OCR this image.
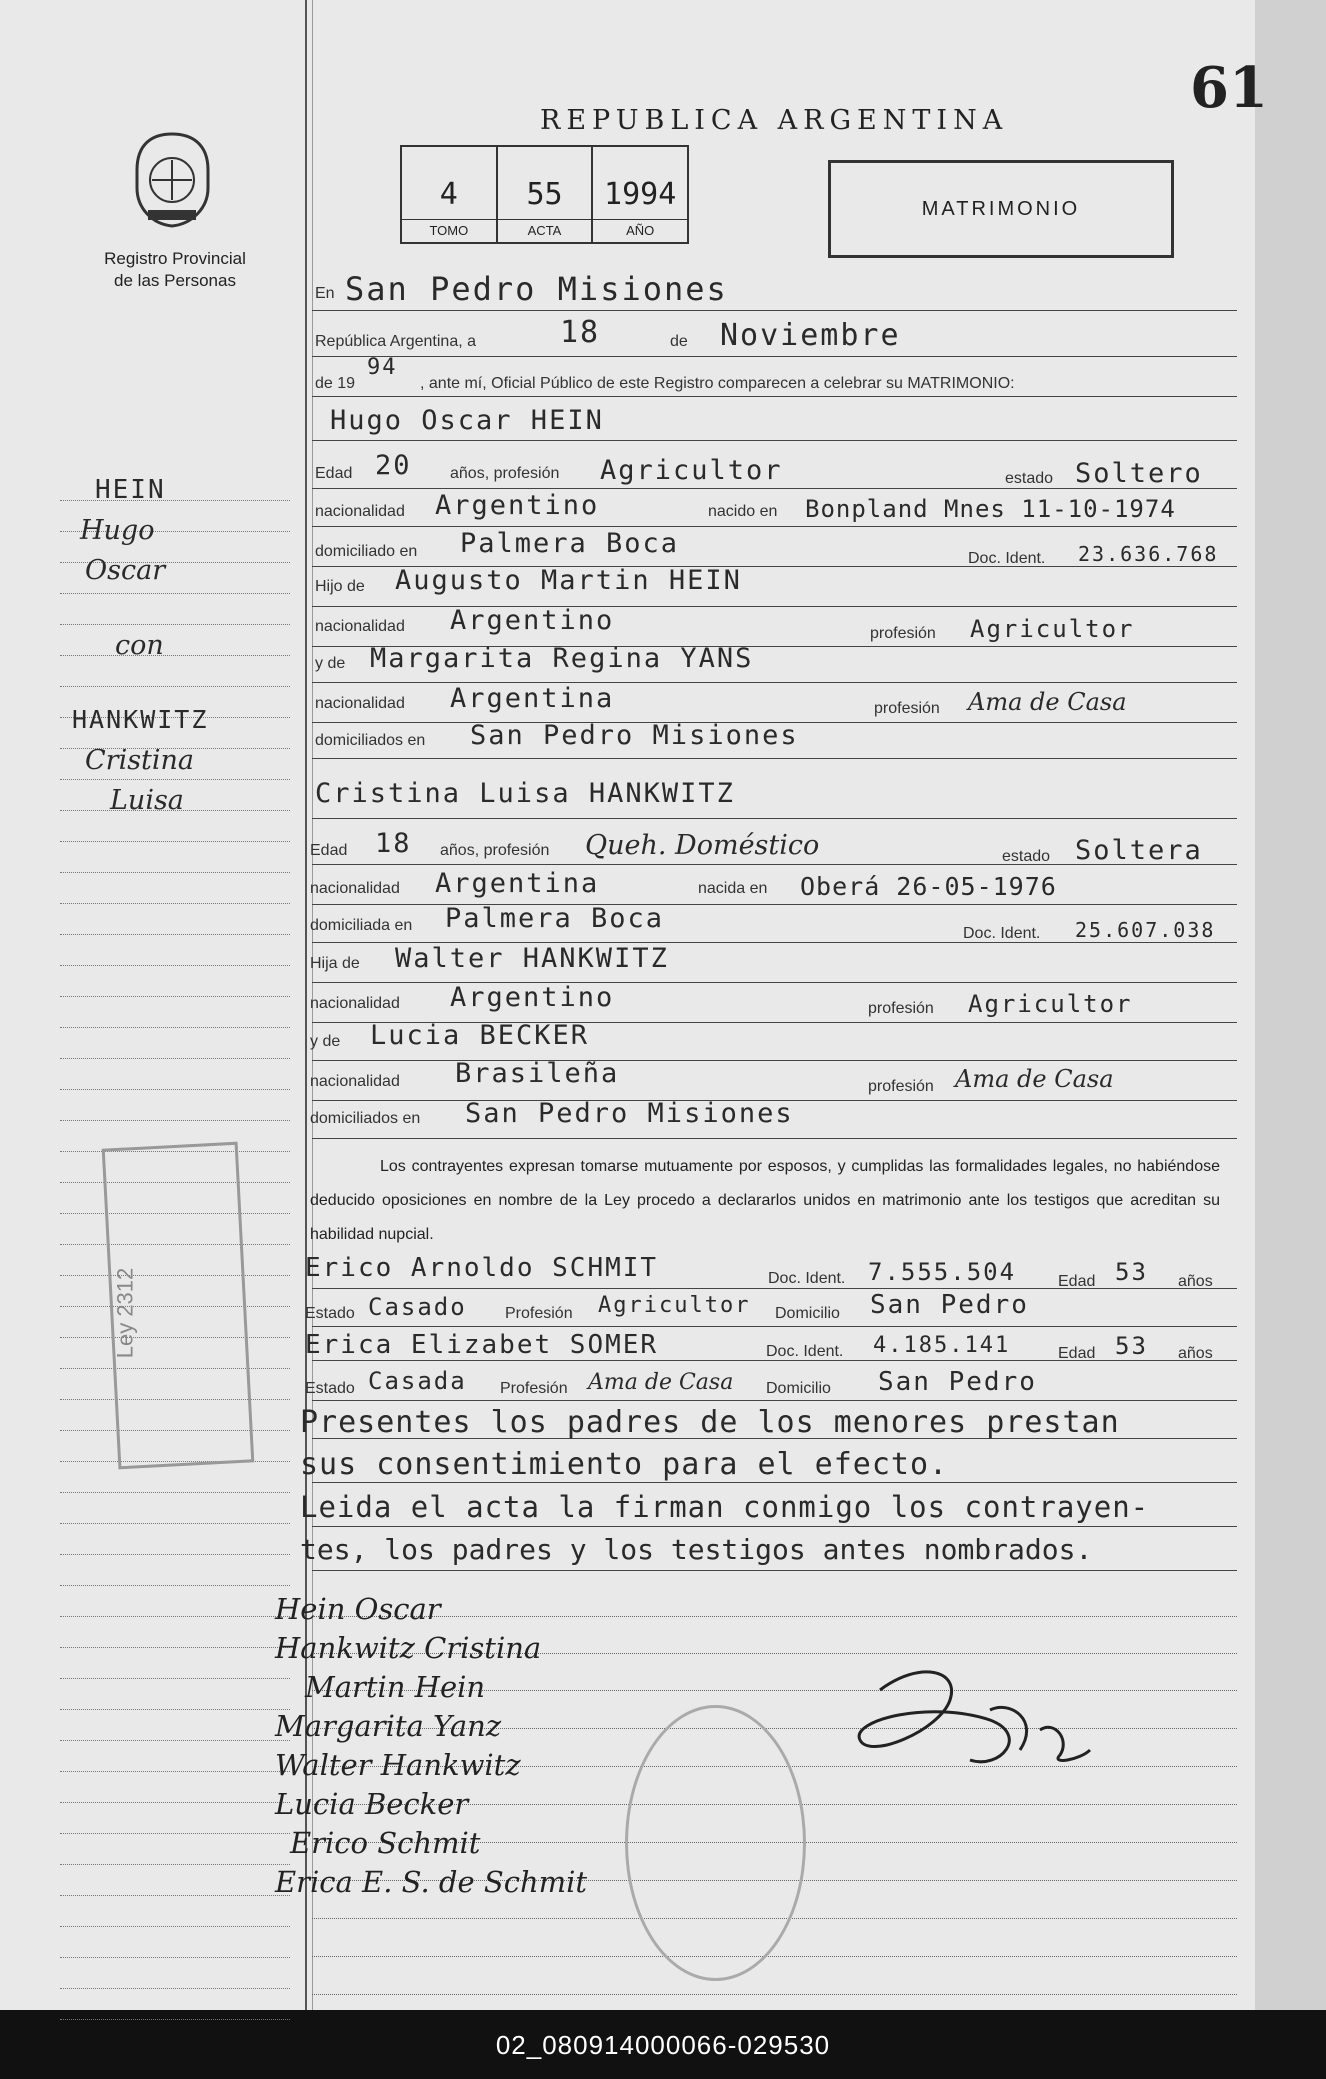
02_080914000066-029530
HEIN
Hugo
Oscar
con
HANKWITZ
Cristina
Luisa
Registro Provincial
de las Personas
61
REPUBLICA ARGENTINA
4
TOMO
55
ACTA
1994
AÑO
MATRIMONIO
En San Pedro Misiones
República Argentina, a	18	de Noviembre
de 19
94
, ante mí, Oficial Público de este Registro comparecen a celebrar su MATRIMONIO:
Hugo Oscar HEIN
Edad 20 años, profesión Agricultor	estado Soltero
nacionalidad Argentino	nacido en Bonpland Mnes 11-10-1974
domiciliado en Palmera Boca	Doc. Ident. 23.636.768
Hijo de Augusto Martin HEIN
nacionalidad Argentino	profesión Agricultor
y de Margarita Regina YANS
nacionalidad Argentina	profesión Ama de Casa
domiciliados en San Pedro Misiones
Cristina Luisa HANKWITZ
Edad 18 años, profesión Queh. Doméstico	estado Soltera
nacionalidad Argentina	nacida en Oberá 26-05-1976
domiciliada en Palmera Boca	Doc. Ident. 25.607.038
Hija de Walter HANKWITZ
nacionalidad Argentino	profesión Agricultor
y de Lucia BECKER
nacionalidad Brasileña	profesión Ama de Casa
domiciliados en San Pedro Misiones
Los contrayentes expresan tomarse mutuamente por esposos, y cumplidas las formalidades legales, no habiéndose deducido oposiciones en nombre de la Ley procedo a declararlos unidos en matrimonio ante los testigos que acreditan su habilidad nupcial.
Erico Arnoldo SCHMIT	Doc. Ident. 7.555.504	Edad 53 años
Estado Casado Profesión Agricultor Domicilio San Pedro
Erica Elizabet SOMER	Doc. Ident. 4.185.141	Edad 53 años
Estado Casada Profesión Ama de Casa Domicilio San Pedro
Presentes los padres de los menores prestan
sus consentimiento para el efecto.
Leida el acta la firman conmigo los contrayen-
tes, los padres y los testigos antes nombrados.
Ley 2312
Hein Oscar
Hankwitz Cristina
Martin Hein
Margarita Yanz
Walter Hankwitz
Lucia Becker
Erico Schmit
Erica E. S. de Schmit
